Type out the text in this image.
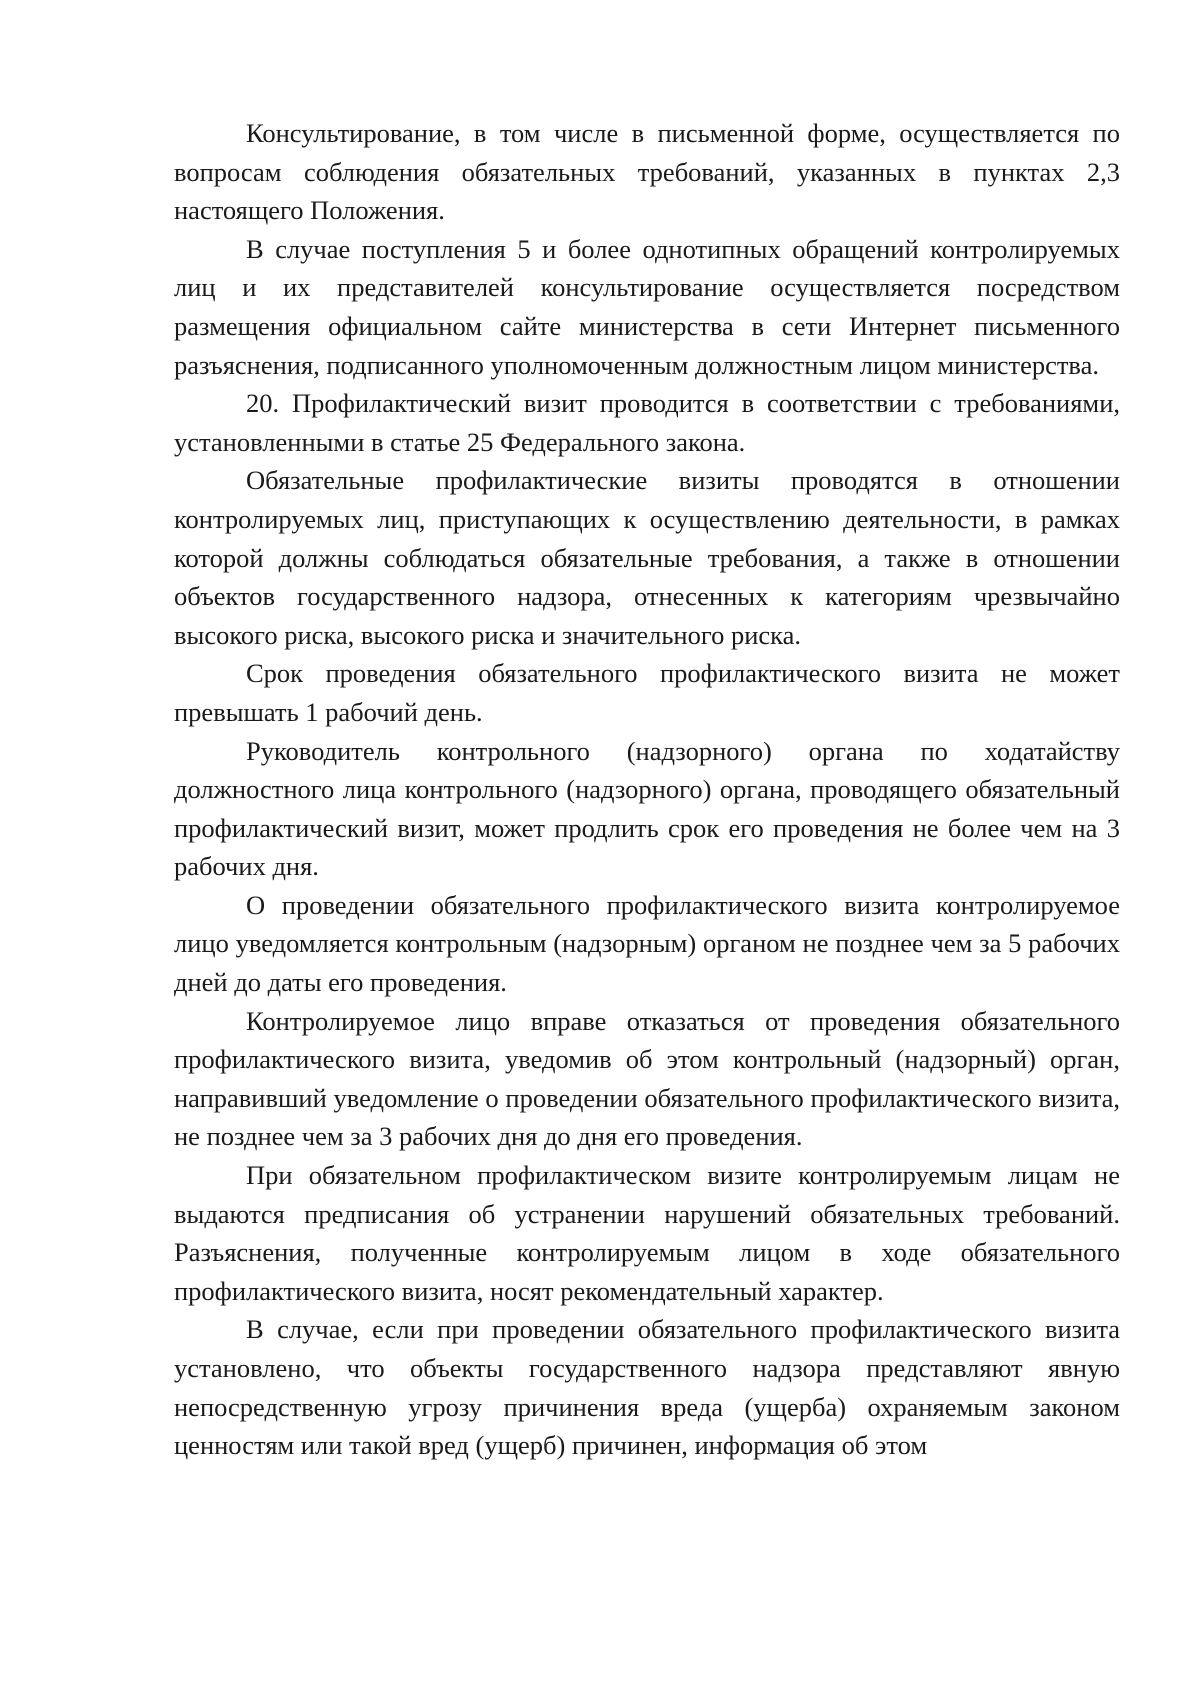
Консультирование, в том числе в письменной форме, осуществляется по вопросам соблюдения обязательных требований, указанных в пунктах 2,3 настоящего Положения.

В случае поступления 5 и более однотипных обращений контролируемых лиц и их представителей консультирование осуществляется посредством размещения официальном сайте министерства в сети Интернет письменного разъяснения, подписанного уполномоченным должностным лицом министерства.

20. Профилактический визит проводится в соответствии с требованиями, установленными в статье 25 Федерального закона.

Обязательные профилактические визиты проводятся в отношении контролируемых лиц, приступающих к осуществлению деятельности, в рамках которой должны соблюдаться обязательные требования, а также в отношении объектов государственного надзора, отнесенных к категориям чрезвычайно высокого риска, высокого риска и значительного риска.

Срок проведения обязательного профилактического визита не может превышать 1 рабочий день.

Руководитель контрольного (надзорного) органа по ходатайству должностного лица контрольного (надзорного) органа, проводящего обязательный профилактический визит, может продлить срок его проведения не более чем на 3 рабочих дня.

О проведении обязательного профилактического визита контролируемое лицо уведомляется контрольным (надзорным) органом не позднее чем за 5 рабочих дней до даты его проведения.

Контролируемое лицо вправе отказаться от проведения обязательного профилактического визита, уведомив об этом контрольный (надзорный) орган, направивший уведомление о проведении обязательного профилактического визита, не позднее чем за 3 рабочих дня до дня его проведения.

При обязательном профилактическом визите контролируемым лицам не выдаются предписания об устранении нарушений обязательных требований. Разъяснения, полученные контролируемым лицом в ходе обязательного профилактического визита, носят рекомендательный характер.

В случае, если при проведении обязательного профилактического визита установлено, что объекты государственного надзора представляют явную непосредственную угрозу причинения вреда (ущерба) охраняемым законом ценностям или такой вред (ущерб) причинен, информация об этом
